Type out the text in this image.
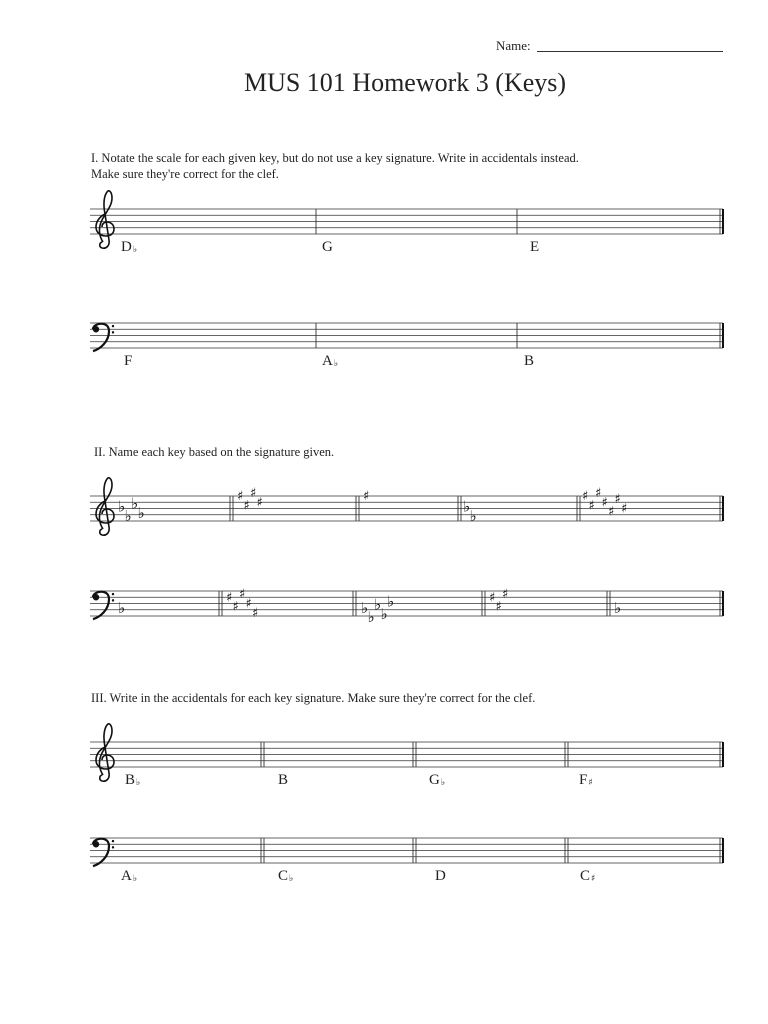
Name:
MUS 101 Homework 3 (Keys)
I. Notate the scale for each given key, but do not use a key signature. Write in accidentals instead.
Make sure they're correct for the clef.
II. Name each key based on the signature given.
III. Write in the accidentals for each key signature. Make sure they're correct for the clef.
D♭	G	E
F	A♭	B
♭
♭
♭
♭
♯
♯
♯
♯	♯
♭
♭
♯
♯
♯
♯
♯
♯
♯
♭
♯
♯
♯
♯
♯	♭
♭
♭
♭
♭	♯
♯
♯
♭
B♭	B	G♭	F♯
A♭	C♭	D	C♯
